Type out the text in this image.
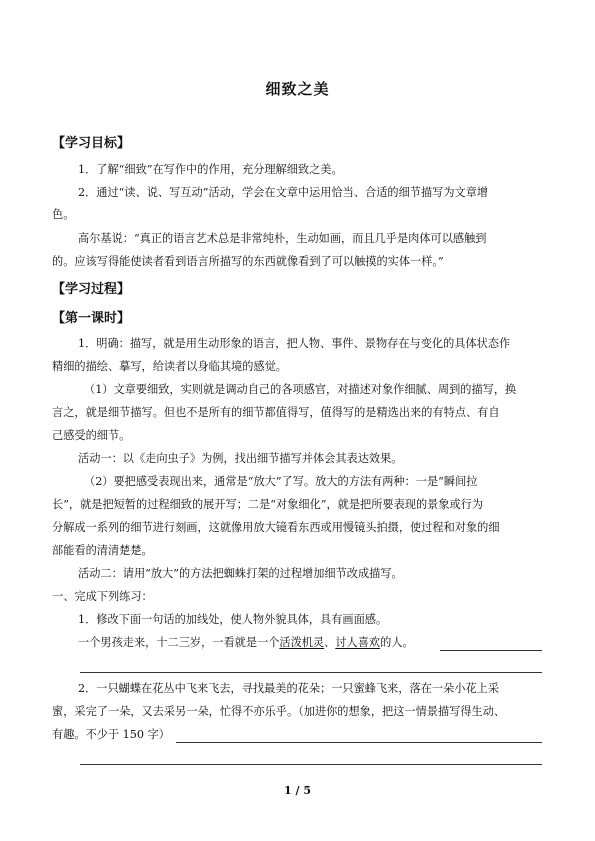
细致之美
【学习目标】
1．了解“细致”在写作中的作用，充分理解细致之美。
2．通过“读、说、写互动”活动，学会在文章中运用恰当、合适的细节描写为文章增
色。
高尔基说：“真正的语言艺术总是非常纯朴，生动如画，而且几乎是肉体可以感触到
的。应该写得能使读者看到语言所描写的东西就像看到了可以触摸的实体一样。”
【学习过程】
【第一课时】
1．明确：描写，就是用生动形象的语言，把人物、事件、景物存在与变化的具体状态作
精细的描绘、摹写，给读者以身临其境的感觉。
（1）文章要细致，实则就是调动自己的各项感官，对描述对象作细腻、周到的描写，换
言之，就是细节描写。但也不是所有的细节都值得写，值得写的是精选出来的有特点、有自
己感受的细节。
活动一：以《走向虫子》为例，找出细节描写并体会其表达效果。
（2）要把感受表现出来，通常是“放大”了写。放大的方法有两种：一是“瞬间拉
长”，就是把短暂的过程细致的展开写；二是“对象细化”，就是把所要表现的景象或行为
分解成一系列的细节进行刻画，这就像用放大镜看东西或用慢镜头拍摄，使过程和对象的细
部能看的清清楚楚。
活动二：请用“放大”的方法把蜘蛛打架的过程增加细节改成描写。
一、完成下列练习：
1．修改下面一句话的加线处，使人物外貌具体，具有画面感。
一个男孩走来，十二三岁，一看就是一个活泼机灵、讨人喜欢的人。
2．一只蝴蝶在花丛中飞来飞去，寻找最美的花朵；一只蜜蜂飞来，落在一朵小花上采
蜜，采完了一朵，又去采另一朵，忙得不亦乐乎。（加进你的想象，把这一情景描写得生动、
有趣。不少于 150 字）
1 / 5
